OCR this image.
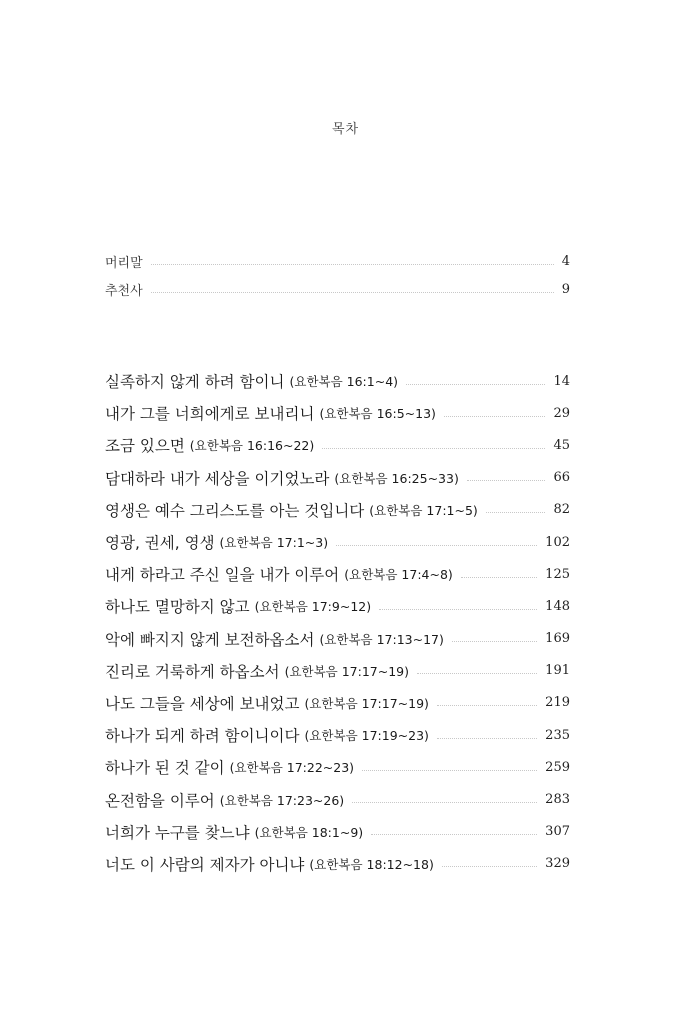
목차
머리말	4
추천사	9
실족하지 않게 하려 함이니 (요한복음 16:1~4)	14
내가 그를 너희에게로 보내리니 (요한복음 16:5~13)	29
조금 있으면 (요한복음 16:16~22)	45
담대하라 내가 세상을 이기었노라 (요한복음 16:25~33)	66
영생은 예수 그리스도를 아는 것입니다 (요한복음 17:1~5)	82
영광, 권세, 영생 (요한복음 17:1~3)	102
내게 하라고 주신 일을 내가 이루어 (요한복음 17:4~8)	125
하나도 멸망하지 않고 (요한복음 17:9~12)	148
악에 빠지지 않게 보전하옵소서 (요한복음 17:13~17)	169
진리로 거룩하게 하옵소서 (요한복음 17:17~19)	191
나도 그들을 세상에 보내었고 (요한복음 17:17~19)	219
하나가 되게 하려 함이니이다 (요한복음 17:19~23)	235
하나가 된 것 같이 (요한복음 17:22~23)	259
온전함을 이루어 (요한복음 17:23~26)	283
너희가 누구를 찾느냐 (요한복음 18:1~9)	307
너도 이 사람의 제자가 아니냐 (요한복음 18:12~18)	329
